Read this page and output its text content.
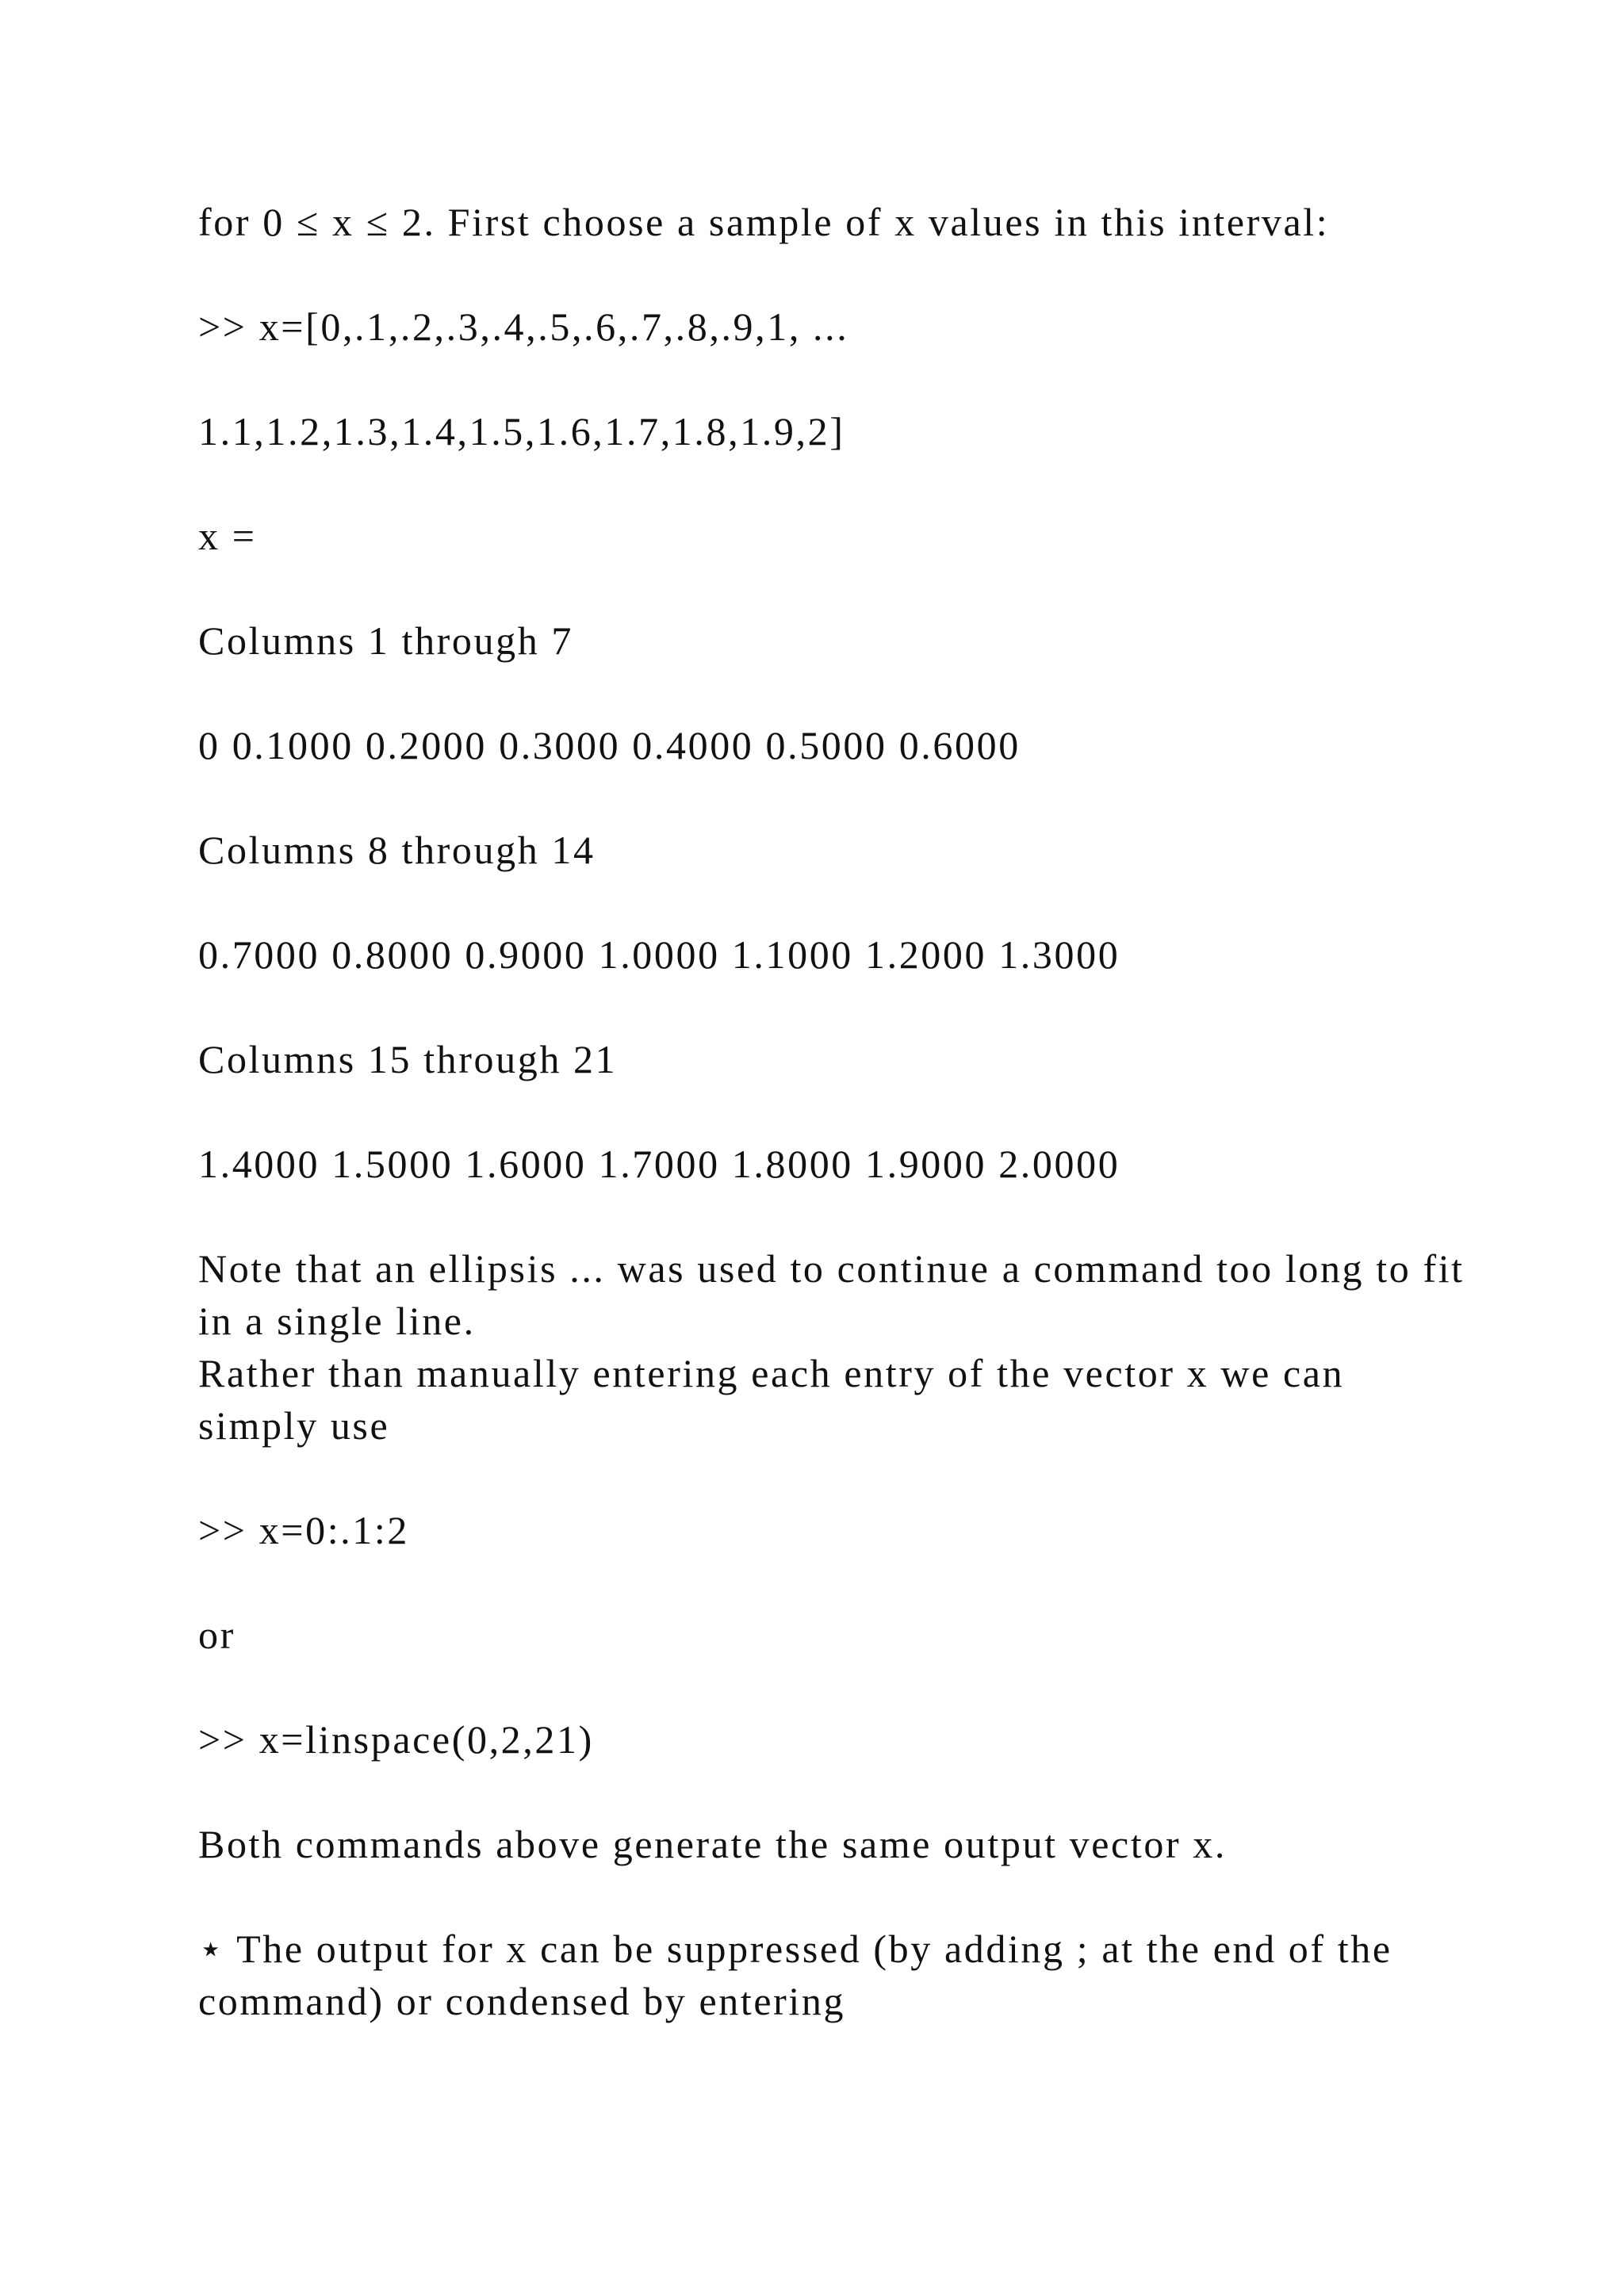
for 0 ≤ x ≤ 2. First choose a sample of x values in this interval:

>> x=[0,.1,.2,.3,.4,.5,.6,.7,.8,.9,1, ...

1.1,1.2,1.3,1.4,1.5,1.6,1.7,1.8,1.9,2]

x =

Columns 1 through 7

0 0.1000 0.2000 0.3000 0.4000 0.5000 0.6000

Columns 8 through 14

0.7000 0.8000 0.9000 1.0000 1.1000 1.2000 1.3000

Columns 15 through 21

1.4000 1.5000 1.6000 1.7000 1.8000 1.9000 2.0000

Note that an ellipsis ... was used to continue a command too long to fit in a single line.

Rather than manually entering each entry of the vector x we can simply use

>> x=0:.1:2

or

>> x=linspace(0,2,21)

Both commands above generate the same output vector x.

⋆ The output for x can be suppressed (by adding ; at the end of the command) or condensed by entering
